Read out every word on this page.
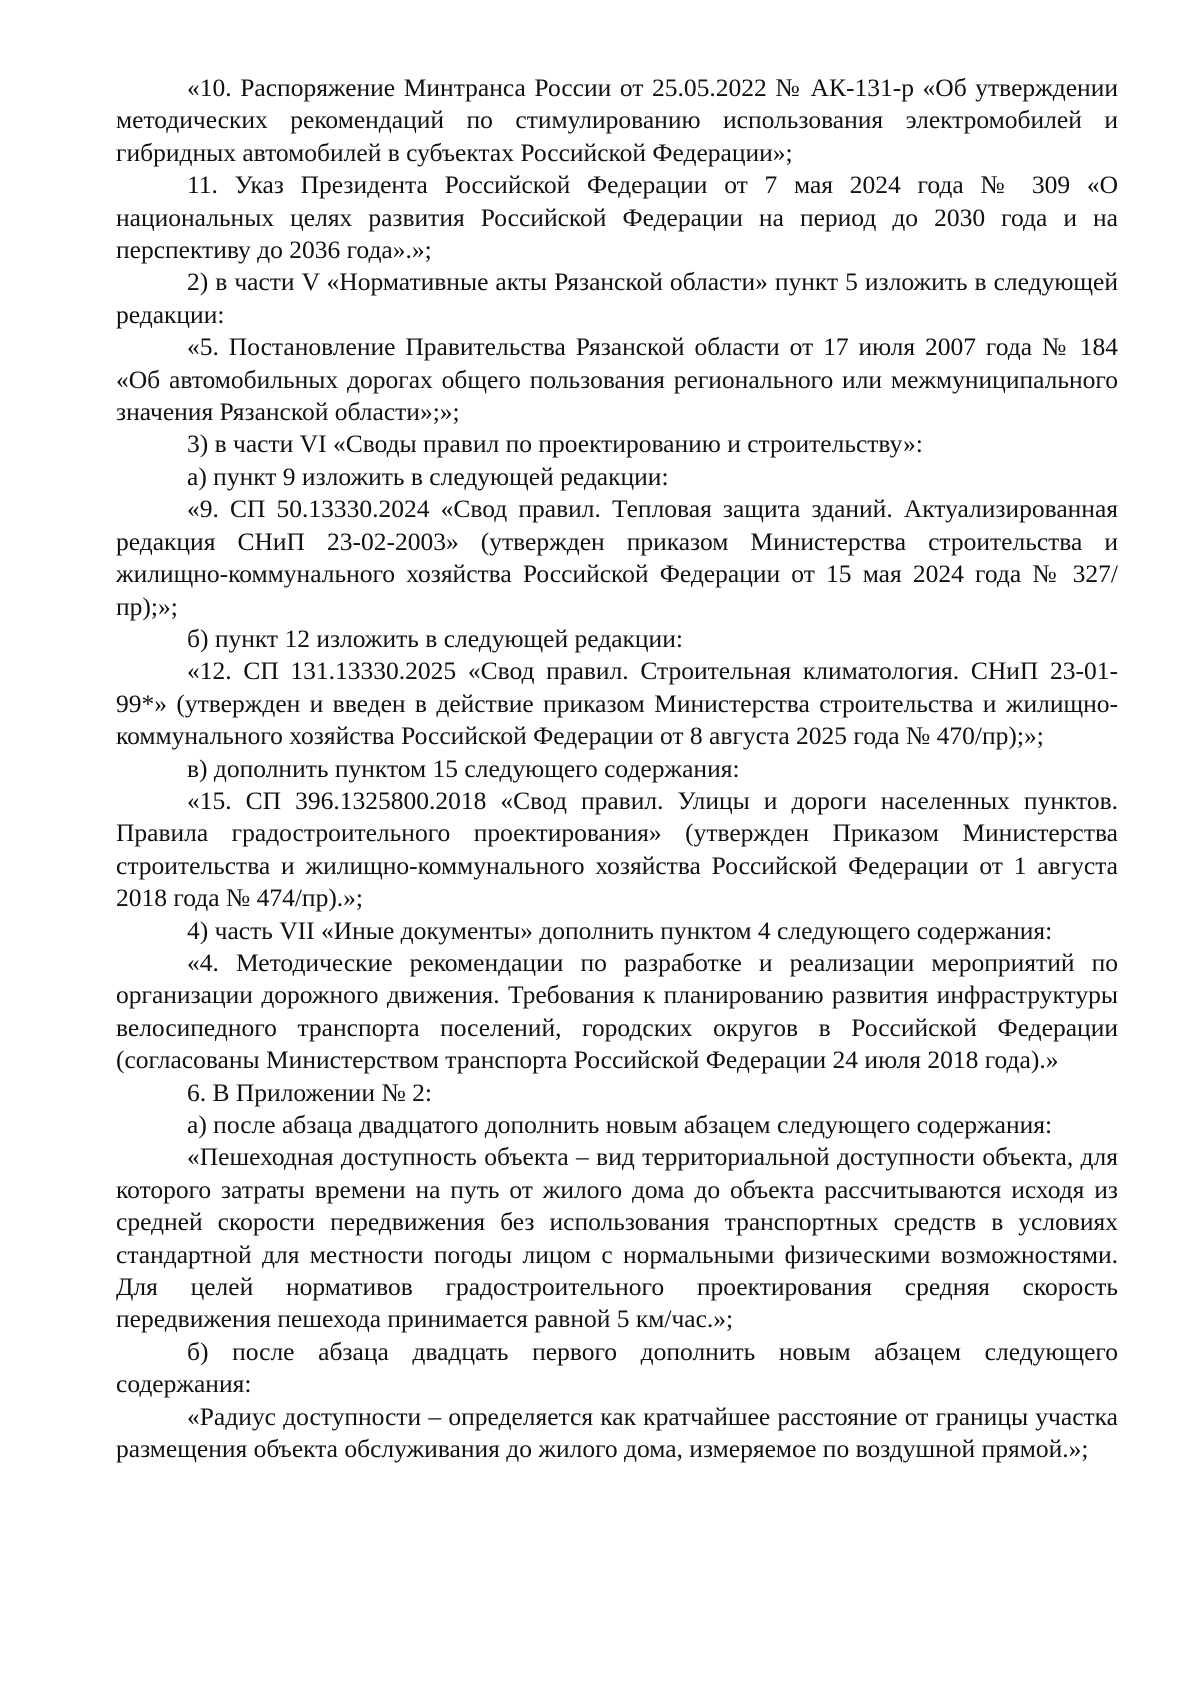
«10. Распоряжение Минтранса России от 25.05.2022 № АК-131-р «Об утверждении методических рекомендаций по стимулированию использования электромобилей и гибридных автомобилей в субъектах Российской Федерации»;

11. Указ Президента Российской Федерации от 7 мая 2024 года № 309 «О национальных целях развития Российской Федерации на период до 2030 года и на перспективу до 2036 года».»;

2) в части V «Нормативные акты Рязанской области» пункт 5 изложить в следующей редакции:

«5. Постановление Правительства Рязанской области от 17 июля 2007 года № 184 «Об автомобильных дорогах общего пользования регионального или межмуниципального значения Рязанской области»;»;

3) в части VI «Своды правил по проектированию и строительству»:

а) пункт 9 изложить в следующей редакции:

«9. СП 50.13330.2024 «Свод правил. Тепловая защита зданий. Актуализированная редакция СНиП 23-02-2003» (утвержден приказом Министерства строительства и жилищно-коммунального хозяйства Российской Федерации от 15 мая 2024 года № 327/пр);»;

б) пункт 12 изложить в следующей редакции:

«12. СП 131.13330.2025 «Свод правил. Строительная климатология. СНиП 23-01-99*» (утвержден и введен в действие приказом Министерства строительства и жилищно-коммунального хозяйства Российской Федерации от 8 августа 2025 года № 470/пр);»;

в) дополнить пунктом 15 следующего содержания:

«15. СП 396.1325800.2018 «Свод правил. Улицы и дороги населенных пунктов. Правила градостроительного проектирования» (утвержден Приказом Министерства строительства и жилищно-коммунального хозяйства Российской Федерации от 1 августа 2018 года № 474/пр).»;

4) часть VII «Иные документы» дополнить пунктом 4 следующего содержания:

«4. Методические рекомендации по разработке и реализации мероприятий по организации дорожного движения. Требования к планированию развития инфраструктуры велосипедного транспорта поселений, городских округов в Российской Федерации (согласованы Министерством транспорта Российской Федерации 24 июля 2018 года).»

6. В Приложении № 2:

а) после абзаца двадцатого дополнить новым абзацем следующего содержания:

«Пешеходная доступность объекта – вид территориальной доступности объекта, для которого затраты времени на путь от жилого дома до объекта рассчитываются исходя из средней скорости передвижения без использования транспортных средств в условиях стандартной для местности погоды лицом с нормальными физическими возможностями. Для целей нормативов градостроительного проектирования средняя скорость передвижения пешехода принимается равной 5 км/час.»;

б) после абзаца двадцать первого дополнить новым абзацем следующего содержания:

«Радиус доступности – определяется как кратчайшее расстояние от границы участка размещения объекта обслуживания до жилого дома, измеряемое по воздушной прямой.»;
